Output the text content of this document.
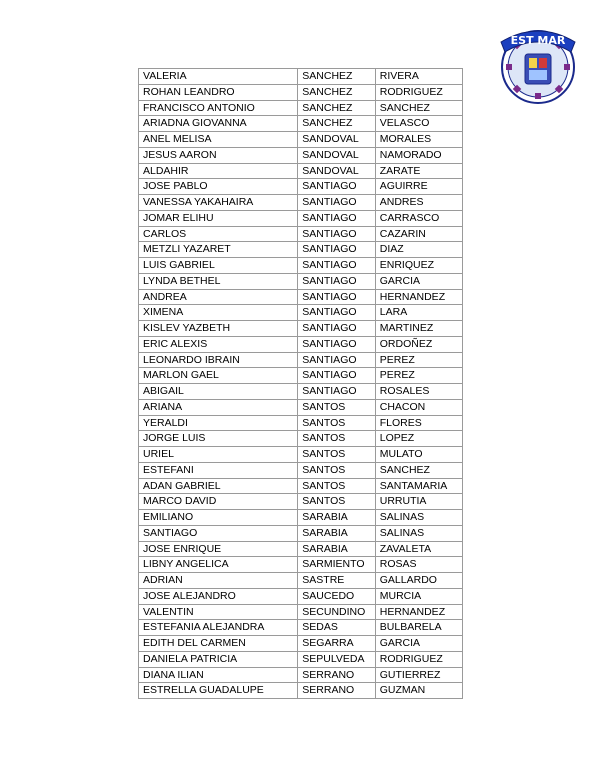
EST MAR
VALERIA	SANCHEZ	RIVERA
ROHAN LEANDRO	SANCHEZ	RODRIGUEZ
FRANCISCO ANTONIO	SANCHEZ	SANCHEZ
ARIADNA GIOVANNA	SANCHEZ	VELASCO
ANEL MELISA	SANDOVAL	MORALES
JESUS AARON	SANDOVAL	NAMORADO
ALDAHIR	SANDOVAL	ZARATE
JOSE PABLO	SANTIAGO	AGUIRRE
VANESSA YAKAHAIRA	SANTIAGO	ANDRES
JOMAR ELIHU	SANTIAGO	CARRASCO
CARLOS	SANTIAGO	CAZARIN
METZLI YAZARET	SANTIAGO	DIAZ
LUIS GABRIEL	SANTIAGO	ENRIQUEZ
LYNDA BETHEL	SANTIAGO	GARCIA
ANDREA	SANTIAGO	HERNANDEZ
XIMENA	SANTIAGO	LARA
KISLEV YAZBETH	SANTIAGO	MARTINEZ
ERIC ALEXIS	SANTIAGO	ORDOÑEZ
LEONARDO IBRAIN	SANTIAGO	PEREZ
MARLON GAEL	SANTIAGO	PEREZ
ABIGAIL	SANTIAGO	ROSALES
ARIANA	SANTOS	CHACON
YERALDI	SANTOS	FLORES
JORGE LUIS	SANTOS	LOPEZ
URIEL	SANTOS	MULATO
ESTEFANI	SANTOS	SANCHEZ
ADAN GABRIEL	SANTOS	SANTAMARIA
MARCO DAVID	SANTOS	URRUTIA
EMILIANO	SARABIA	SALINAS
SANTIAGO	SARABIA	SALINAS
JOSE ENRIQUE	SARABIA	ZAVALETA
LIBNY ANGELICA	SARMIENTO	ROSAS
ADRIAN	SASTRE	GALLARDO
JOSE ALEJANDRO	SAUCEDO	MURCIA
VALENTIN	SECUNDINO	HERNANDEZ
ESTEFANIA ALEJANDRA	SEDAS	BULBARELA
EDITH DEL CARMEN	SEGARRA	GARCIA
DANIELA PATRICIA	SEPULVEDA	RODRIGUEZ
DIANA ILIAN	SERRANO	GUTIERREZ
ESTRELLA GUADALUPE	SERRANO	GUZMAN
